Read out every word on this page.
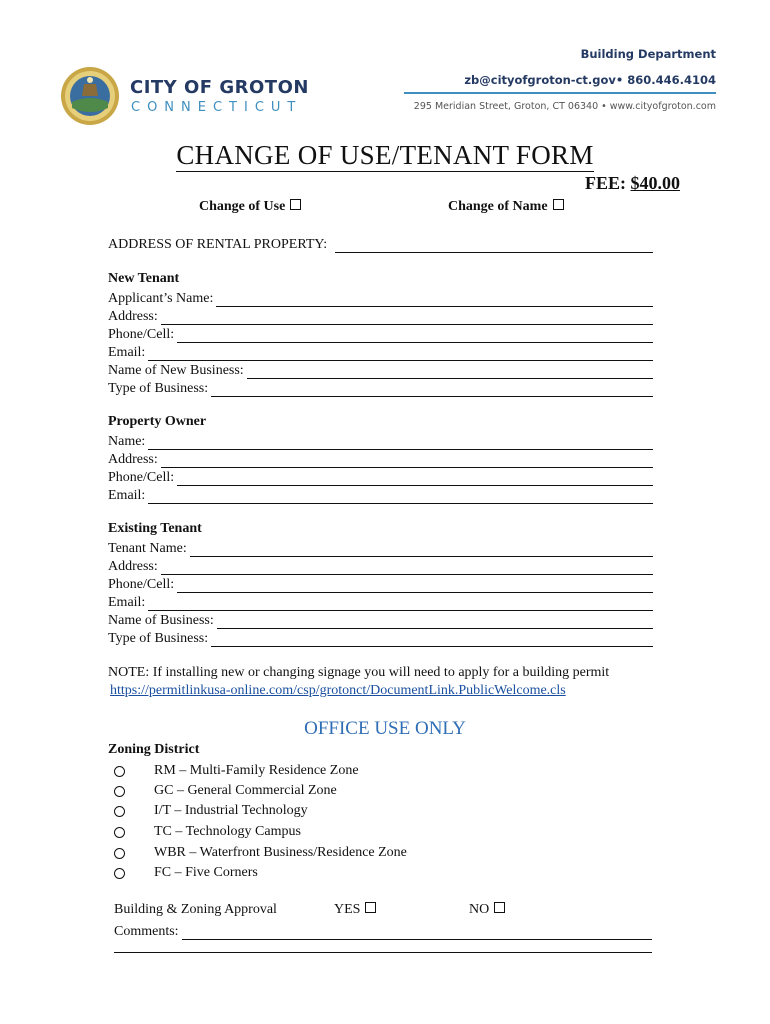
CITY OF GROTON
CONNECTICUT
Building Department
zb@cityofgroton-ct.gov• 860.446.4104
295 Meridian Street, Groton, CT 06340 • www.cityofgroton.com
CHANGE OF USE/TENANT FORM
FEE: $40.00
Change of Use	Change of Name
ADDRESS OF RENTAL PROPERTY:
New Tenant
Applicant’s Name:
Address:
Phone/Cell:
Email:
Name of New Business:
Type of Business:
Property Owner
Name:
Address:
Phone/Cell:
Email:
Existing Tenant
Tenant Name:
Address:
Phone/Cell:
Email:
Name of Business:
Type of Business:
NOTE: If installing new or changing signage you will need to apply for a building permit
https://permitlinkusa-online.com/csp/grotonct/DocumentLink.PublicWelcome.cls
OFFICE USE ONLY
Zoning District
RM – Multi-Family Residence Zone
GC – General Commercial Zone
I/T – Industrial Technology
TC – Technology Campus
WBR – Waterfront Business/Residence Zone
FC – Five Corners
Building & Zoning Approval	YES	NO
Comments:
